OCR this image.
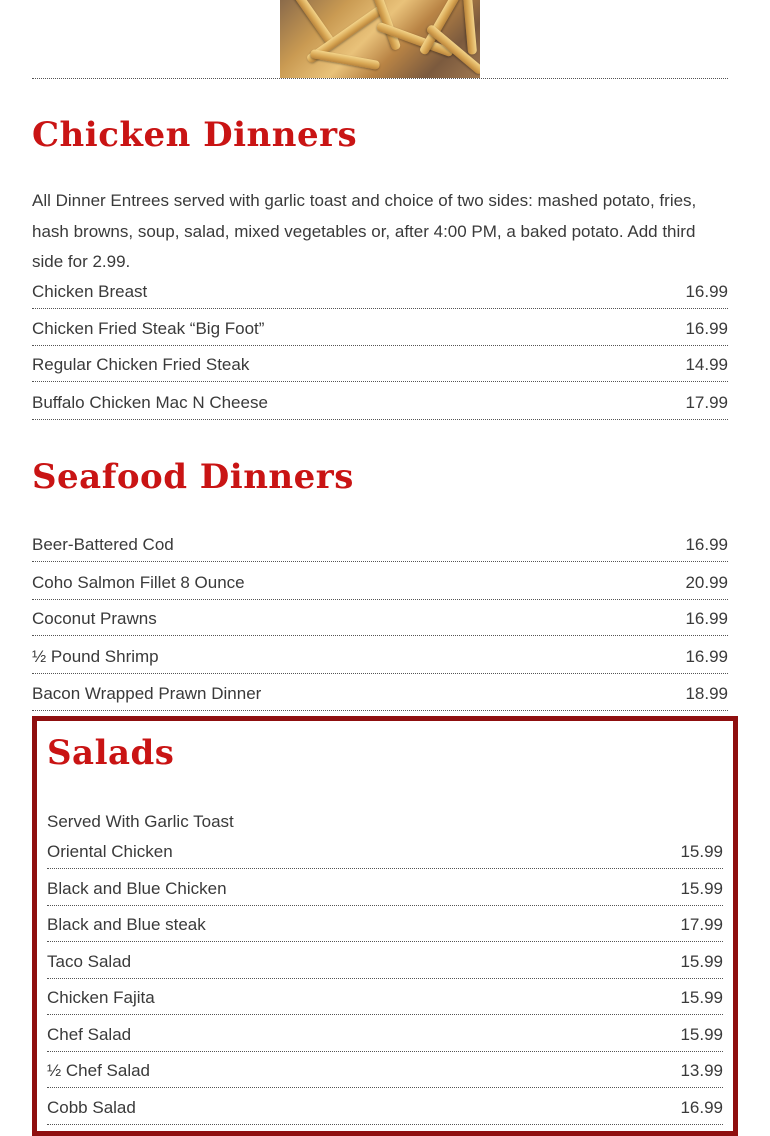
Chicken Dinners

All Dinner Entrees served with garlic toast and choice of two sides: mashed potato, fries, hash browns, soup, salad, mixed vegetables or, after 4:00 PM, a baked potato. Add third side for 2.99.

Chicken Breast	16.99
Chicken Fried Steak “Big Foot”	16.99
Regular Chicken Fried Steak	14.99
Buffalo Chicken Mac N Cheese	17.99
Seafood Dinners
Beer-Battered Cod	16.99
Coho Salmon Fillet 8 Ounce	20.99
Coconut Prawns	16.99
½ Pound Shrimp	16.99
Bacon Wrapped Prawn Dinner	18.99
Salads

Served With Garlic Toast

Oriental Chicken	15.99
Black and Blue Chicken	15.99
Black and Blue steak	17.99
Taco Salad	15.99
Chicken Fajita	15.99
Chef Salad	15.99
½ Chef Salad	13.99
Cobb Salad	16.99
